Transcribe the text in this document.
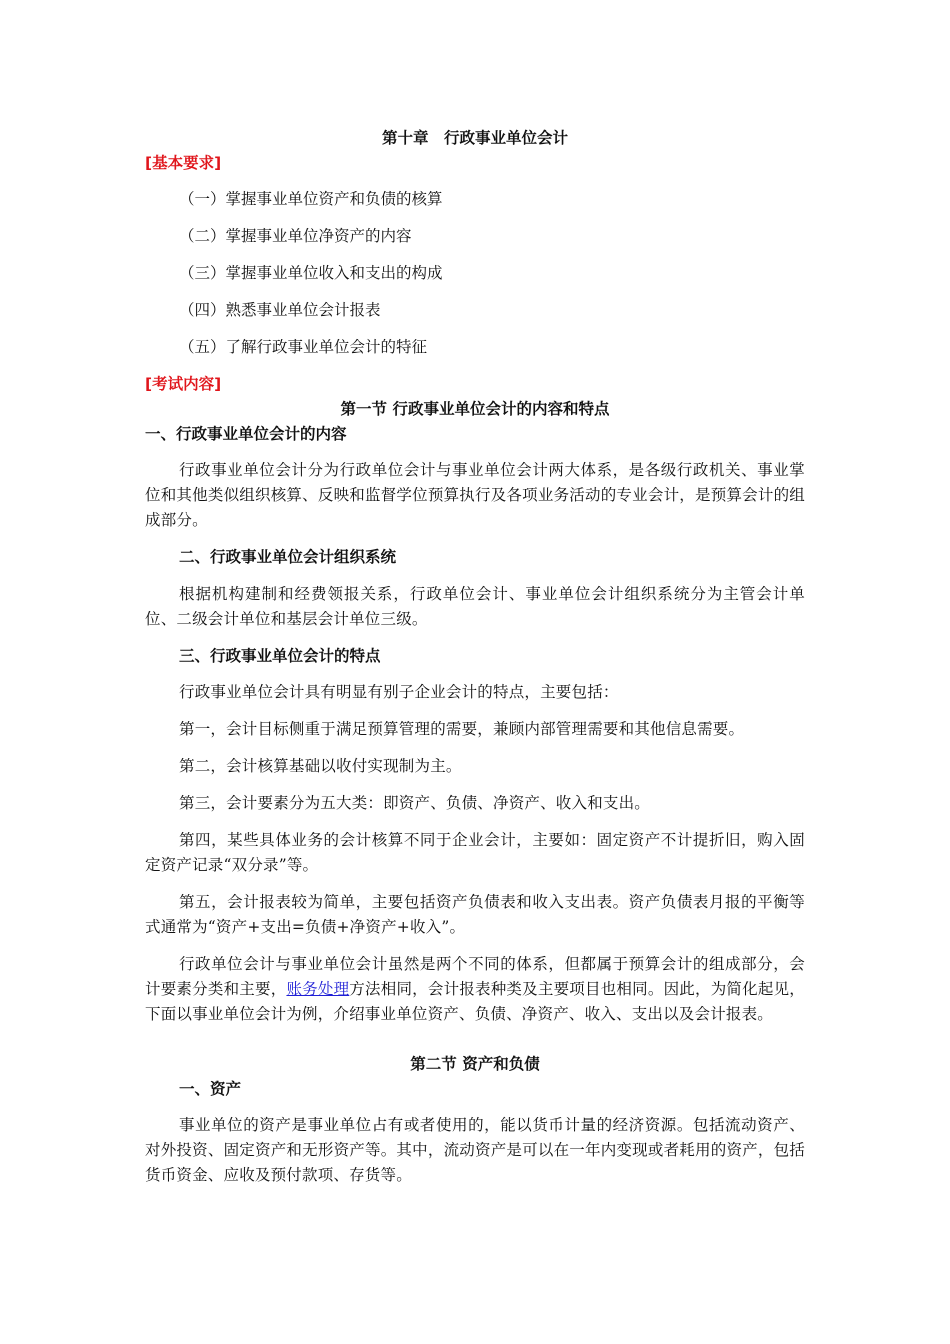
第十章　行政事业单位会计
[基本要求]
（一）掌握事业单位资产和负债的核算
（二）掌握事业单位净资产的内容
（三）掌握事业单位收入和支出的构成
（四）熟悉事业单位会计报表
（五）了解行政事业单位会计的特征
[考试内容]
第一节 行政事业单位会计的内容和特点
一、行政事业单位会计的内容
行政事业单位会计分为行政单位会计与事业单位会计两大体系，是各级行政机关、事业掌位和其他类似组织核算、反映和监督学位预算执行及各项业务活动的专业会计，是预算会计的组成部分。
二、行政事业单位会计组织系统
根据机构建制和经费领报关系，行政单位会计、事业单位会计组织系统分为主管会计单位、二级会计单位和基层会计单位三级。
三、行政事业单位会计的特点
行政事业单位会计具有明显有别子企业会计的特点，主要包括：
第一，会计目标侧重于满足预算管理的需要，兼顾内部管理需要和其他信息需要。
第二，会计核算基础以收付实现制为主。
第三，会计要素分为五大类：即资产、负债、净资产、收入和支出。
第四，某些具体业务的会计核算不同于企业会计，主要如：固定资产不计提折旧，购入固定资产记录“双分录”等。
第五，会计报表较为简单，主要包括资产负债表和收入支出表。资产负债表月报的平衡等式通常为“资产+支出=负债+净资产+收入”。
行政单位会计与事业单位会计虽然是两个不同的体系，但都属于预算会计的组成部分，会计要素分类和主要，账务处理方法相同，会计报表种类及主要项目也相同。因此，为简化起见，下面以事业单位会计为例，介绍事业单位资产、负债、净资产、收入、支出以及会计报表。
第二节 资产和负债
一、资产
事业单位的资产是事业单位占有或者使用的，能以货币计量的经济资源。包括流动资产、对外投资、固定资产和无形资产等。其中，流动资产是可以在一年内变现或者耗用的资产，包括货币资金、应收及预付款项、存货等。
